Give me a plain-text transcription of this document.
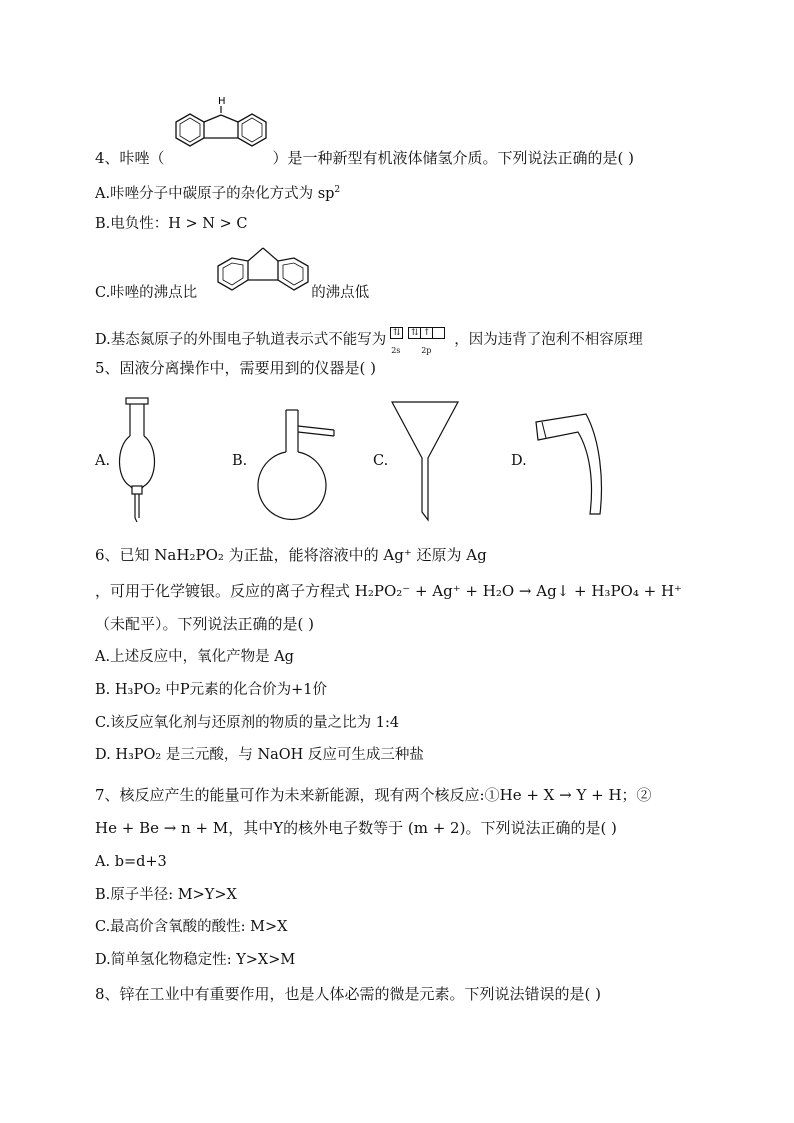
4、咔唑（	）是一种新型有机液体储氢介质。下列说法正确的是( )
H
A.咔唑分子中碳原子的杂化方式为 $sp^2$
B.电负性：H > N > C
C.咔唑的沸点比	的沸点低
D.基态氮原子的外围电子轨道表示式不能写为 ⇅	⇅ ↑
2s	2p
，因为违背了泡利不相容原理
5、固液分离操作中，需要用到的仪器是( )
A.	B.	C.	D.
6、已知 NaH₂PO₂ 为正盐，能将溶液中的 Ag⁺ 还原为 Ag
，可用于化学镀银。反应的离子方程式 H₂PO₂⁻ + Ag⁺ + H₂O → Ag↓ + H₃PO₄ + H⁺
（未配平）。下列说法正确的是( )
A.上述反应中，氧化产物是 Ag
B. H₃PO₂ 中P元素的化合价为+1价
C.该反应氧化剂与还原剂的物质的量之比为 1:4
D. H₃PO₂ 是三元酸，与 NaOH 反应可生成三种盐
7、核反应产生的能量可作为未来新能源，现有两个核反应:①He + X → Y + H；②
He + Be → n + M，其中Y的核外电子数等于 (m + 2)。下列说法正确的是( )
A. b=d+3
B.原子半径: M>Y>X
C.最高价含氧酸的酸性: M>X
D.简单氢化物稳定性: Y>X>M
8、锌在工业中有重要作用，也是人体必需的微是元素。下列说法错误的是( )
